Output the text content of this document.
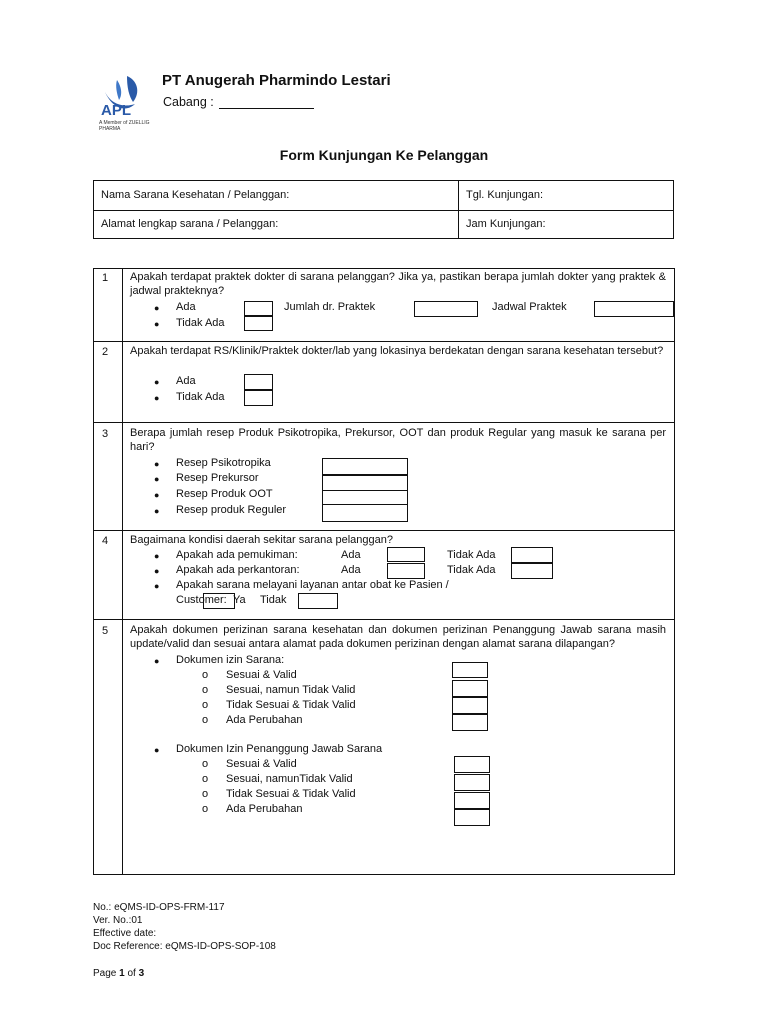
APL
A Member of ZUELLIG PHARMA
PT Anugerah Pharmindo Lestari
Cabang :
Form Kunjungan Ke Pelanggan
Nama Sarana Kesehatan / Pelanggan:	Tgl. Kunjungan:
Alamat lengkap sarana / Pelanggan:	Jam Kunjungan:
1 Apakah terdapat praktek dokter di sarana pelanggan? Jika ya, pastikan berapa jumlah dokter yang praktek & jadwal prakteknya?
● Ada	Jumlah dr. Praktek	Jadwal Praktek
● Tidak Ada
2 Apakah terdapat RS/Klinik/Praktek dokter/lab yang lokasinya berdekatan dengan sarana kesehatan tersebut?
● Ada
● Tidak Ada
3 Berapa jumlah resep Produk Psikotropika, Prekursor, OOT dan produk Regular yang masuk ke sarana per hari?
● Resep Psikotropika
● Resep Prekursor
● Resep Produk OOT
● Resep produk Reguler
4 Bagaimana kondisi daerah sekitar sarana pelanggan?
● Apakah ada pemukiman:	Ada	Tidak Ada
● Apakah ada perkantoran:	Ada	Tidak Ada
● Apakah sarana melayani layanan antar obat ke Pasien /
Customer: Ya Tidak
5 Apakah dokumen perizinan sarana kesehatan dan dokumen perizinan Penanggung Jawab sarana masih update/valid dan sesuai antara alamat pada dokumen perizinan dengan alamat sarana dilapangan?
● Dokumen izin Sarana:
o Sesuai & Valid
o Sesuai, namun Tidak Valid
o Tidak Sesuai & Tidak Valid
o Ada Perubahan
● Dokumen Izin Penanggung Jawab Sarana
o Sesuai & Valid
o Sesuai, namunTidak Valid
o Tidak Sesuai & Tidak Valid
o Ada Perubahan
No.: eQMS-ID-OPS-FRM-117
Ver. No.:01
Effective date:
Doc Reference: eQMS-ID-OPS-SOP-108
Page 1 of 3
